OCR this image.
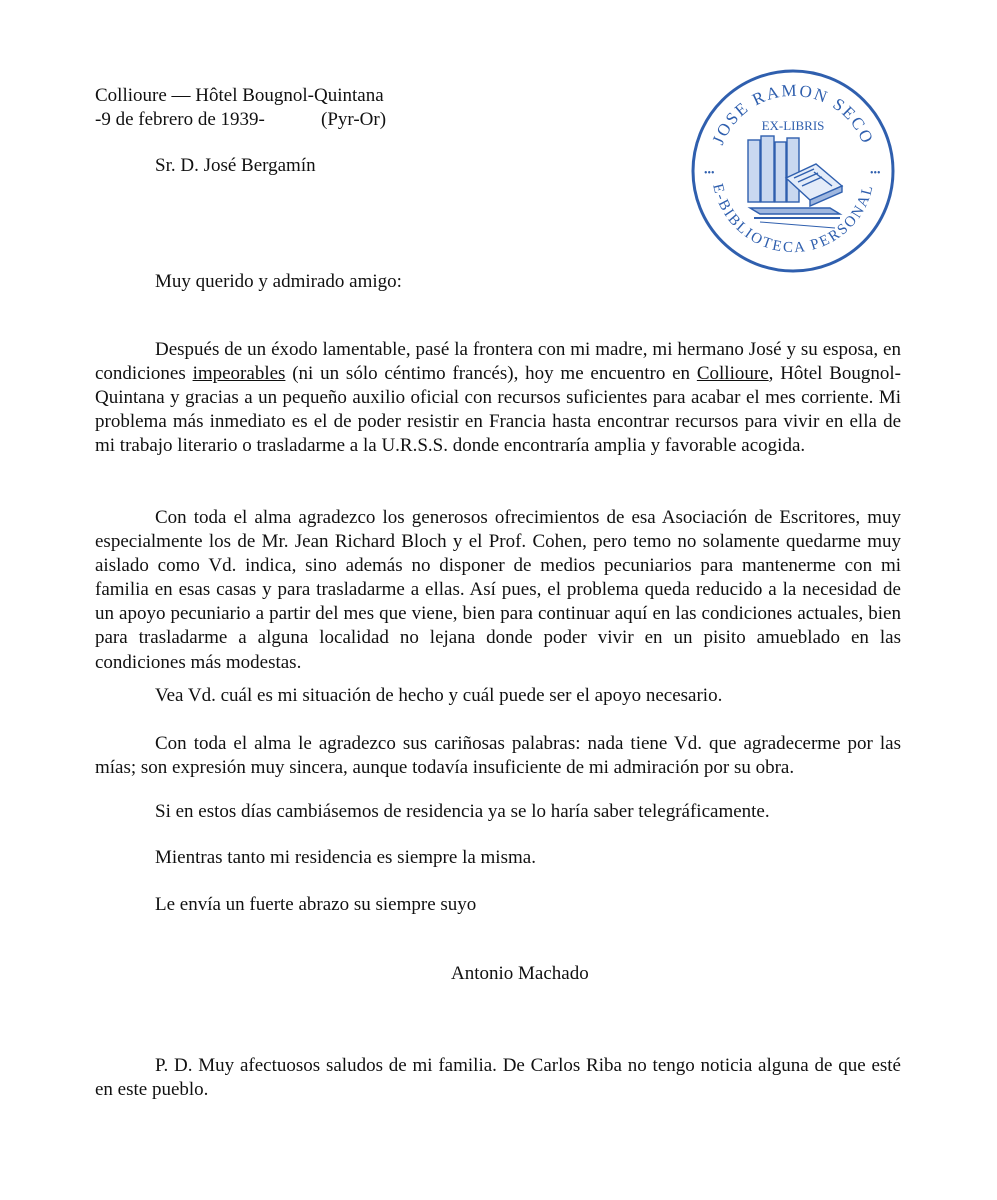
Collioure — Hôtel Bougnol-Quintana
-9 de febrero de 1939-	(Pyr-Or)
Sr. D. José Bergamín
Muy querido y admirado amigo:

Después de un éxodo lamentable, pasé la frontera con mi madre, mi hermano José y su esposa, en condiciones impeorables (ni un sólo céntimo francés), hoy me encuentro en Collioure, Hôtel Bougnol-Quintana y gracias a un pequeño auxilio oficial con recursos suficientes para acabar el mes corriente. Mi problema más inmediato es el de poder resistir en Francia hasta encontrar recursos para vivir en ella de mi trabajo literario o trasladarme a la U.R.S.S. donde encontraría amplia y favorable acogida.

Con toda el alma agradezco los generosos ofrecimientos de esa Asociación de Escritores, muy especialmente los de Mr. Jean Richard Bloch y el Prof. Cohen, pero temo no solamente quedarme muy aislado como Vd. indica, sino además no disponer de medios pecuniarios para mantenerme con mi familia en esas casas y para trasladarme a ellas. Así pues, el problema queda reducido a la necesidad de un apoyo pecuniario a partir del mes que viene, bien para continuar aquí en las condiciones actuales, bien para trasladarme a alguna localidad no lejana donde poder vivir en un pisito amueblado en las condiciones más modestas.

Vea Vd. cuál es mi situación de hecho y cuál puede ser el apoyo necesario.

Con toda el alma le agradezco sus cariñosas palabras: nada tiene Vd. que agradecerme por las mías; son expresión muy sincera, aunque todavía insuficiente de mi admiración por su obra.

Si en estos días cambiásemos de residencia ya se lo haría saber telegráficamente.

Mientras tanto mi residencia es siempre la misma.

Le envía un fuerte abrazo su siempre suyo

Antonio Machado

P. D. Muy afectuosos saludos de mi familia. De Carlos Riba no tengo noticia alguna de que esté en este pueblo.

JOSE RAMON SECO
E-BIBLIOTECA PERSONAL
EX-LIBRIS
•••	•••
